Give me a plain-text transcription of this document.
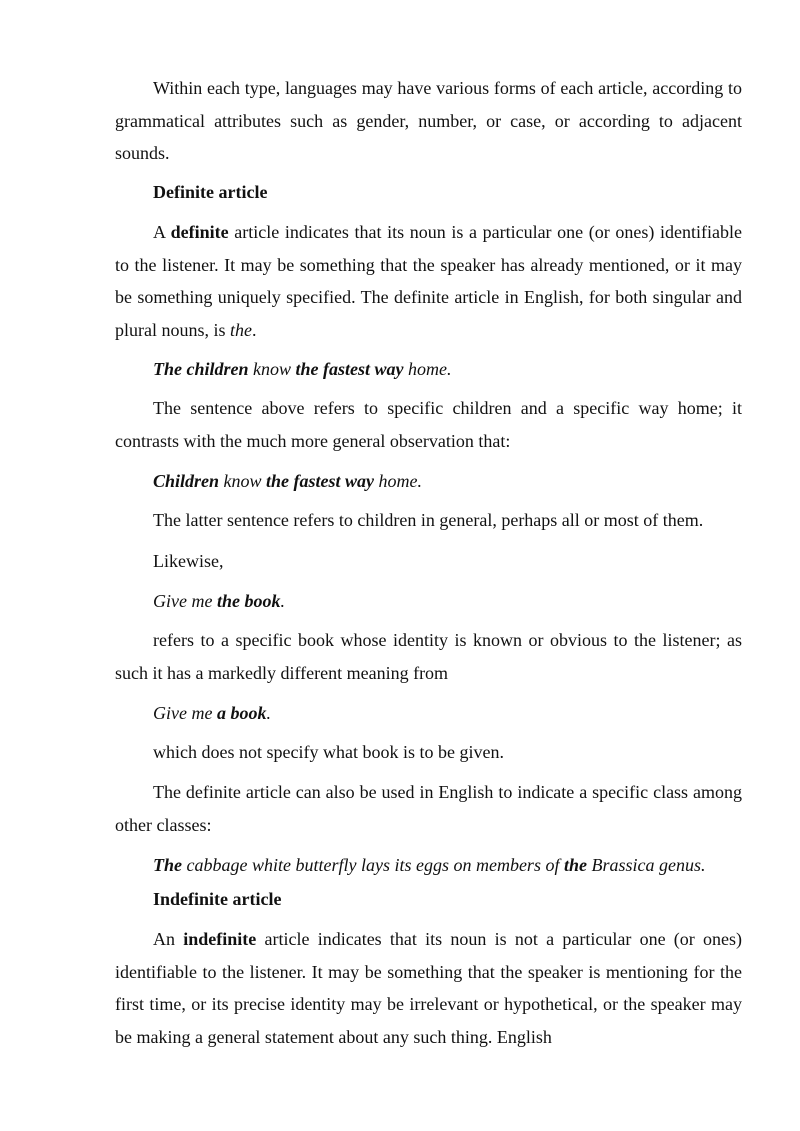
Within each type, languages may have various forms of each article, according to grammatical attributes such as gender, number, or case, or according to adjacent sounds.

Definite article

A definite article indicates that its noun is a particular one (or ones) identifiable to the listener. It may be something that the speaker has already mentioned, or it may be something uniquely specified. The definite article in English, for both singular and plural nouns, is the.

The children know the fastest way home.

The sentence above refers to specific children and a specific way home; it contrasts with the much more general observation that:

Children know the fastest way home.

The latter sentence refers to children in general, perhaps all or most of them.

Likewise,

Give me the book.

refers to a specific book whose identity is known or obvious to the listener; as such it has a markedly different meaning from

Give me a book.

which does not specify what book is to be given.

The definite article can also be used in English to indicate a specific class among other classes:

The cabbage white butterfly lays its eggs on members of the Brassica genus.

Indefinite article

An indefinite article indicates that its noun is not a particular one (or ones) identifiable to the listener. It may be something that the speaker is mentioning for the first time, or its precise identity may be irrelevant or hypothetical, or the speaker may be making a general statement about any such thing. English
